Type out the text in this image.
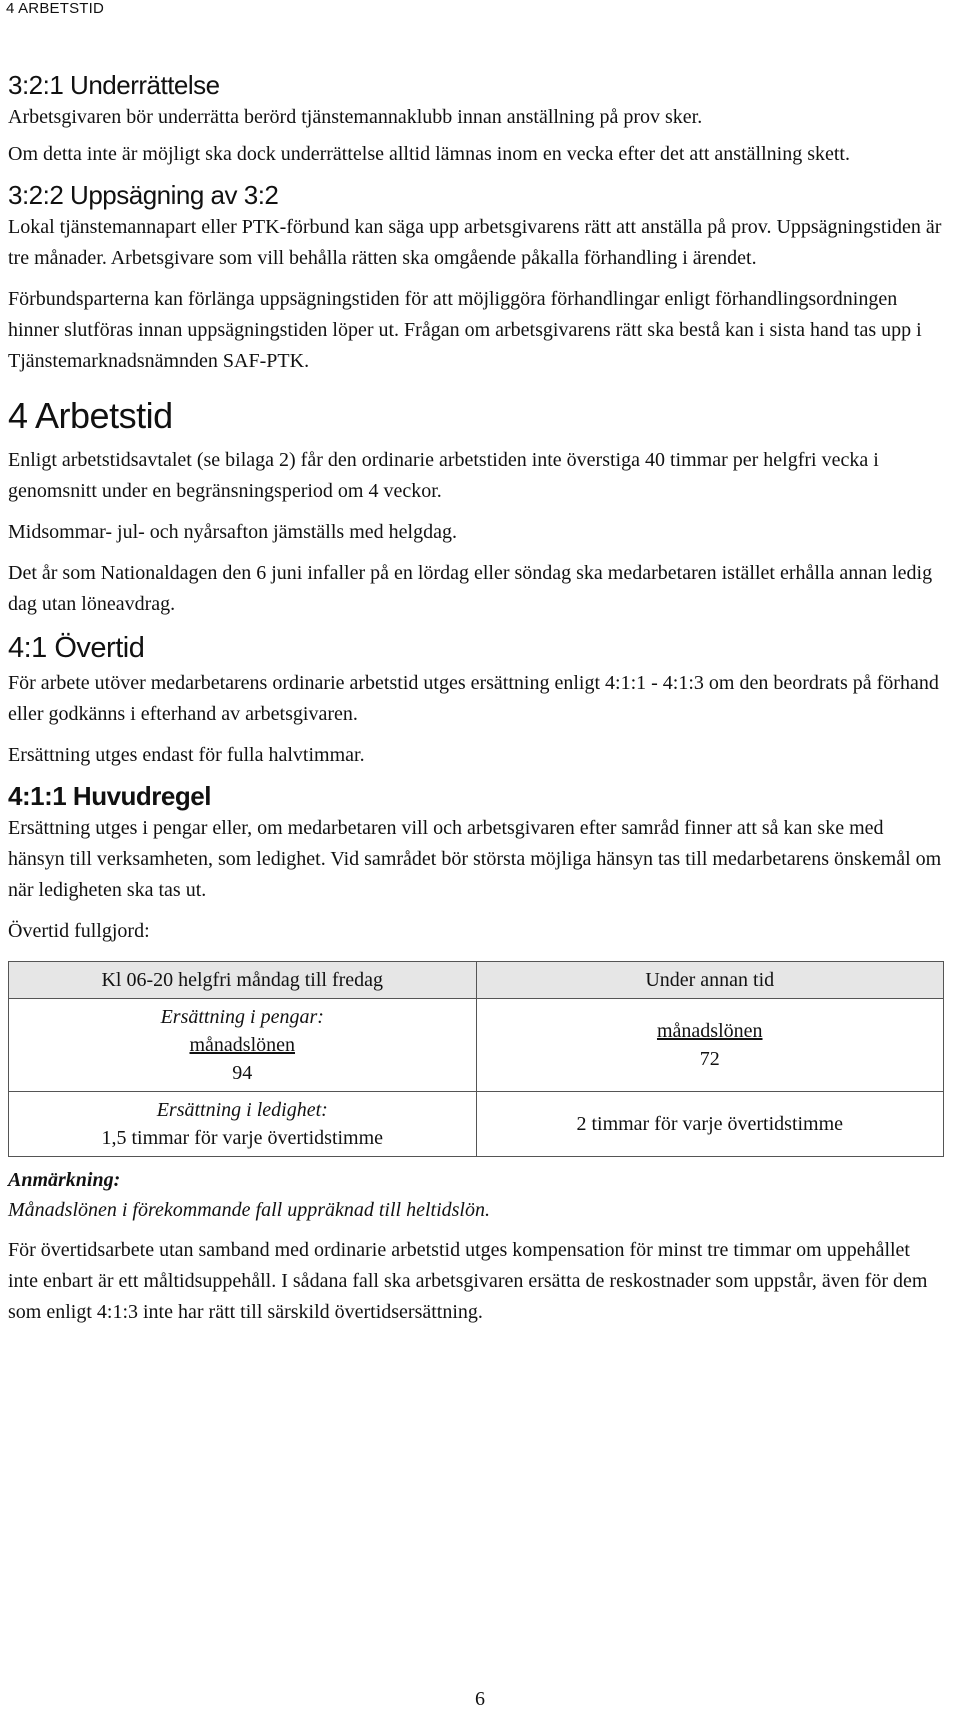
4 ARBETSTID
3:2:1 Underrättelse

Arbetsgivaren bör underrätta berörd tjänstemannaklubb innan anställning på prov sker.

Om detta inte är möjligt ska dock underrättelse alltid lämnas inom en vecka efter det att anställning skett.

3:2:2 Uppsägning av 3:2

Lokal tjänstemannapart eller PTK-förbund kan säga upp arbetsgivarens rätt att anställa på prov. Uppsägningstiden är tre månader. Arbetsgivare som vill behålla rätten ska omgående påkalla förhandling i ärendet.

Förbundsparterna kan förlänga uppsägningstiden för att möjliggöra förhandlingar enligt förhandlingsordningen hinner slutföras innan uppsägningstiden löper ut. Frågan om arbetsgivarens rätt ska bestå kan i sista hand tas upp i Tjänstemarknadsnämnden SAF-PTK.

4 Arbetstid

Enligt arbetstidsavtalet (se bilaga 2) får den ordinarie arbetstiden inte överstiga 40 timmar per helgfri vecka i genomsnitt under en begränsningsperiod om 4 veckor.

Midsommar- jul- och nyårsafton jämställs med helgdag.

Det år som Nationaldagen den 6 juni infaller på en lördag eller söndag ska medarbetaren istället erhålla annan ledig dag utan löneavdrag.

4:1 Övertid

För arbete utöver medarbetarens ordinarie arbetstid utges ersättning enligt 4:1:1 - 4:1:3 om den beordrats på förhand eller godkänns i efterhand av arbetsgivaren.

Ersättning utges endast för fulla halvtimmar.

4:1:1 Huvudregel

Ersättning utges i pengar eller, om medarbetaren vill och arbetsgivaren efter samråd finner att så kan ske med hänsyn till verksamheten, som ledighet. Vid samrådet bör största möjliga hänsyn tas till medarbetarens önskemål om när ledigheten ska tas ut.

Övertid fullgjord:

Kl 06-20 helgfri måndag till fredag	Under annan tid

Ersättning i pengar:
månadslönen
94	månadslönen
72

Ersättning i ledighet:
1,5 timmar för varje övertidstimme	2 timmar för varje övertidstimme

Anmärkning:

Månadslönen i förekommande fall uppräknad till heltidslön.

För övertidsarbete utan samband med ordinarie arbetstid utges kompensation för minst tre timmar om uppehållet inte enbart är ett måltidsuppehåll. I sådana fall ska arbetsgivaren ersätta de reskostnader som uppstår, även för dem som enligt 4:1:3 inte har rätt till särskild övertidsersättning.

6
